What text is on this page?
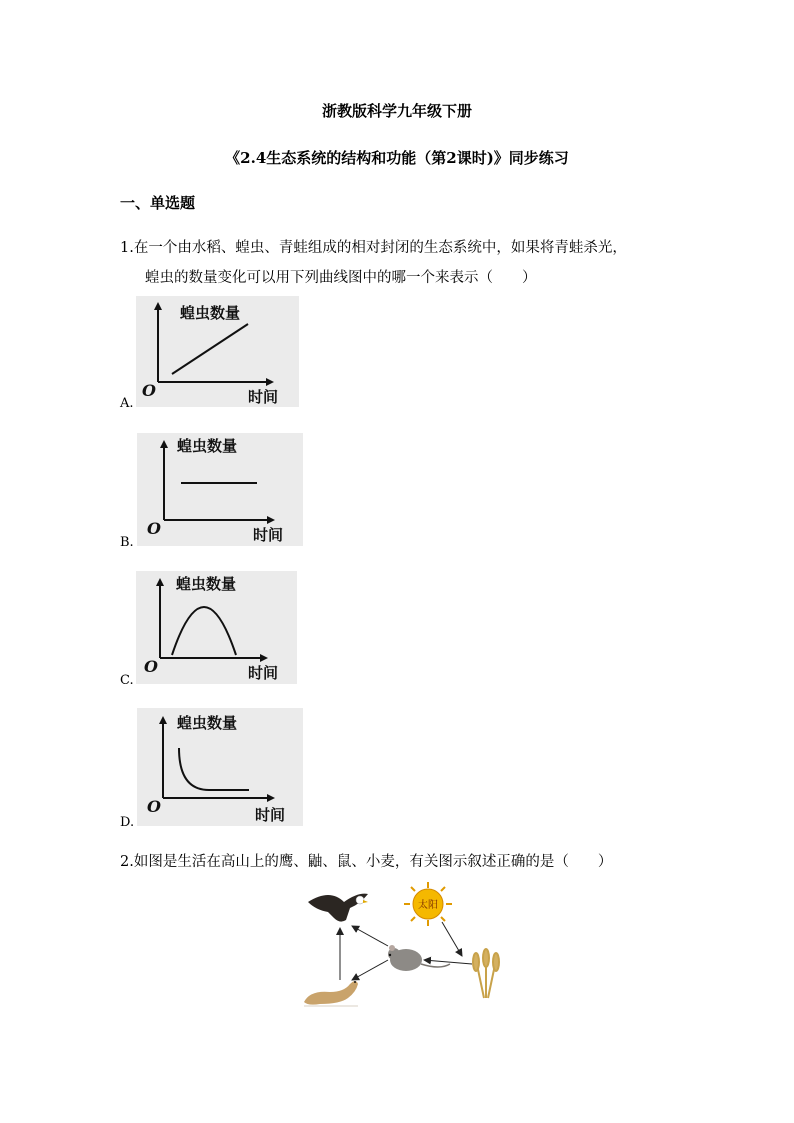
浙教版科学九年级下册
《2.4生态系统的结构和功能（第2课时)》同步练习
一、单选题
1.在一个由水稻、蝗虫、青蛙组成的相对封闭的生态系统中，如果将青蛙杀光，
蝗虫的数量变化可以用下列曲线图中的哪一个来表示（　　）
A.
蝗虫数量
时间
O
B.
蝗虫数量
时间
O
C.
蝗虫数量
时间
O
D.
蝗虫数量
时间
O
2.如图是生活在高山上的鹰、鼬、鼠、小麦，有关图示叙述正确的是（　　）
太阳
